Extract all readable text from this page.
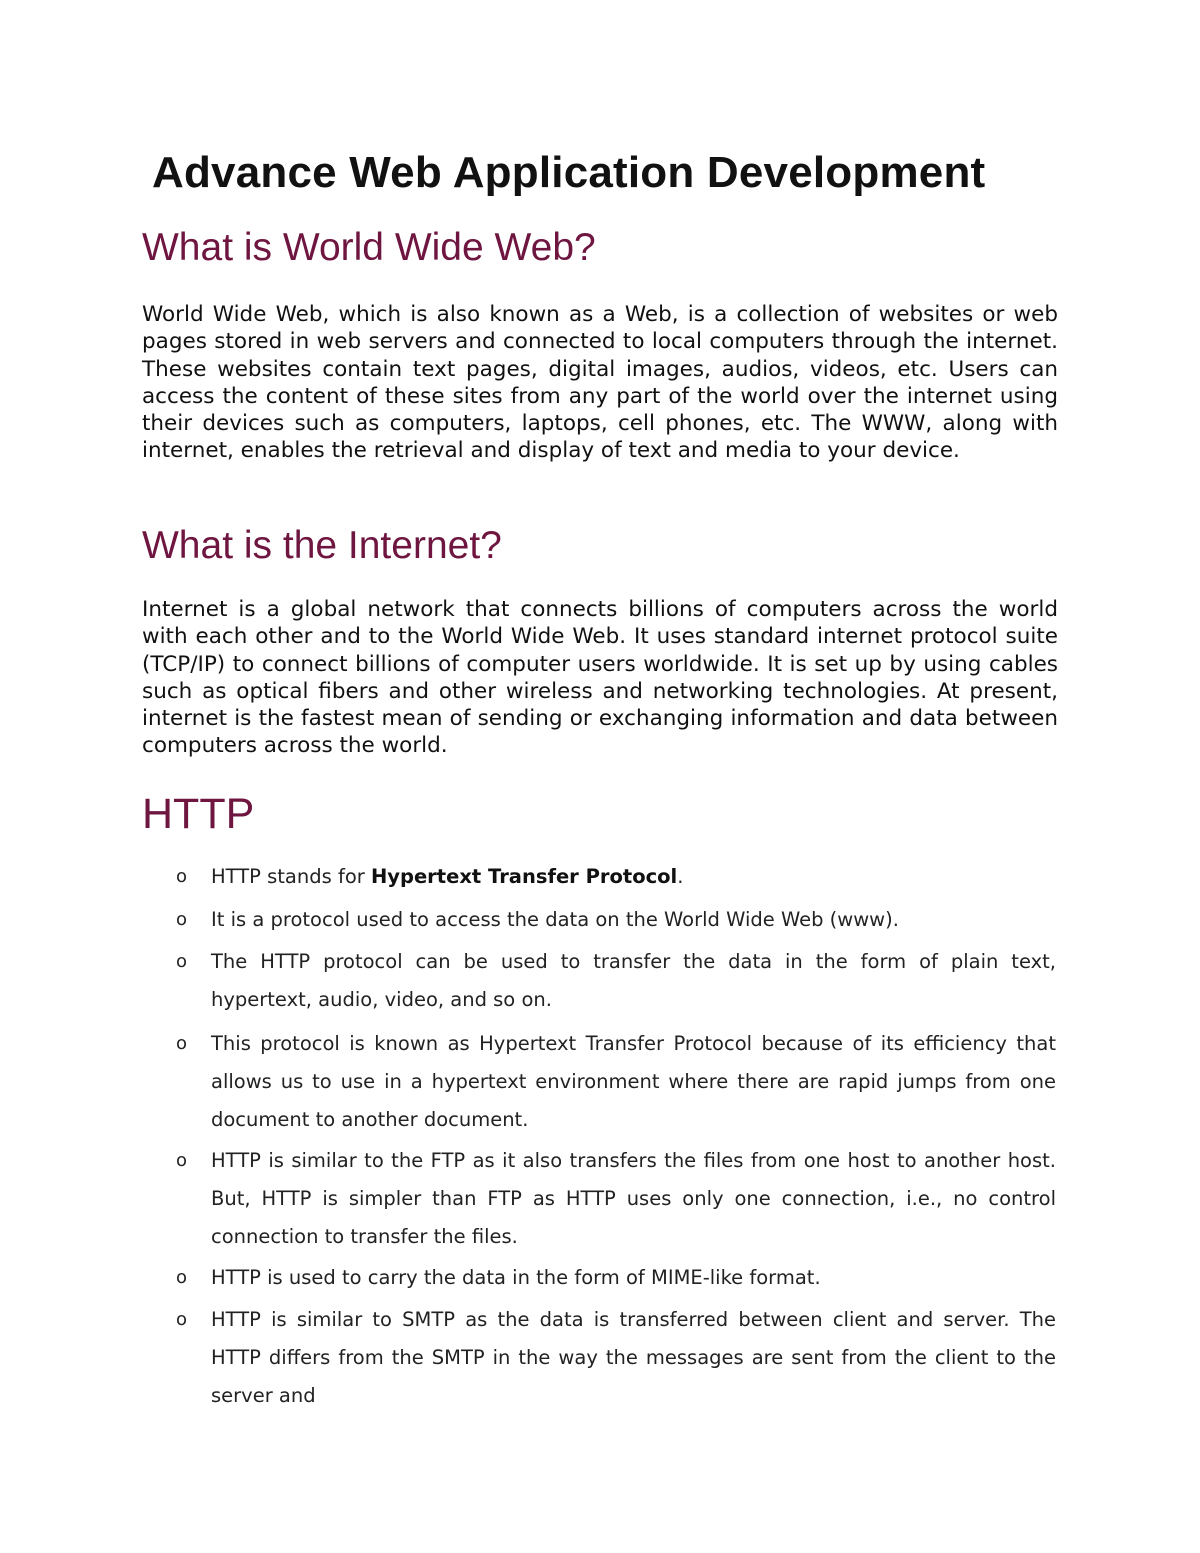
Advance Web Application Development
What is World Wide Web?

World Wide Web, which is also known as a Web, is a collection of websites or web pages stored in web servers and connected to local computers through the internet. These websites contain text pages, digital images, audios, videos, etc. Users can access the content of these sites from any part of the world over the internet using their devices such as computers, laptops, cell phones, etc. The WWW, along with internet, enables the retrieval and display of text and media to your device.

What is the Internet?

Internet is a global network that connects billions of computers across the world with each other and to the World Wide Web. It uses standard internet protocol suite (TCP/IP) to connect billions of computer users worldwide. It is set up by using cables such as optical fibers and other wireless and networking technologies. At present, internet is the fastest mean of sending or exchanging information and data between computers across the world.

HTTP
o HTTP stands for Hypertext Transfer Protocol.
o It is a protocol used to access the data on the World Wide Web (www).
o The HTTP protocol can be used to transfer the data in the form of plain text, hypertext, audio, video, and so on.
o This protocol is known as Hypertext Transfer Protocol because of its efficiency that allows us to use in a hypertext environment where there are rapid jumps from one document to another document.
o HTTP is similar to the FTP as it also transfers the files from one host to another host. But, HTTP is simpler than FTP as HTTP uses only one connection, i.e., no control connection to transfer the files.
o HTTP is used to carry the data in the form of MIME-like format.
o HTTP is similar to SMTP as the data is transferred between client and server. The HTTP differs from the SMTP in the way the messages are sent from the client to the server and
